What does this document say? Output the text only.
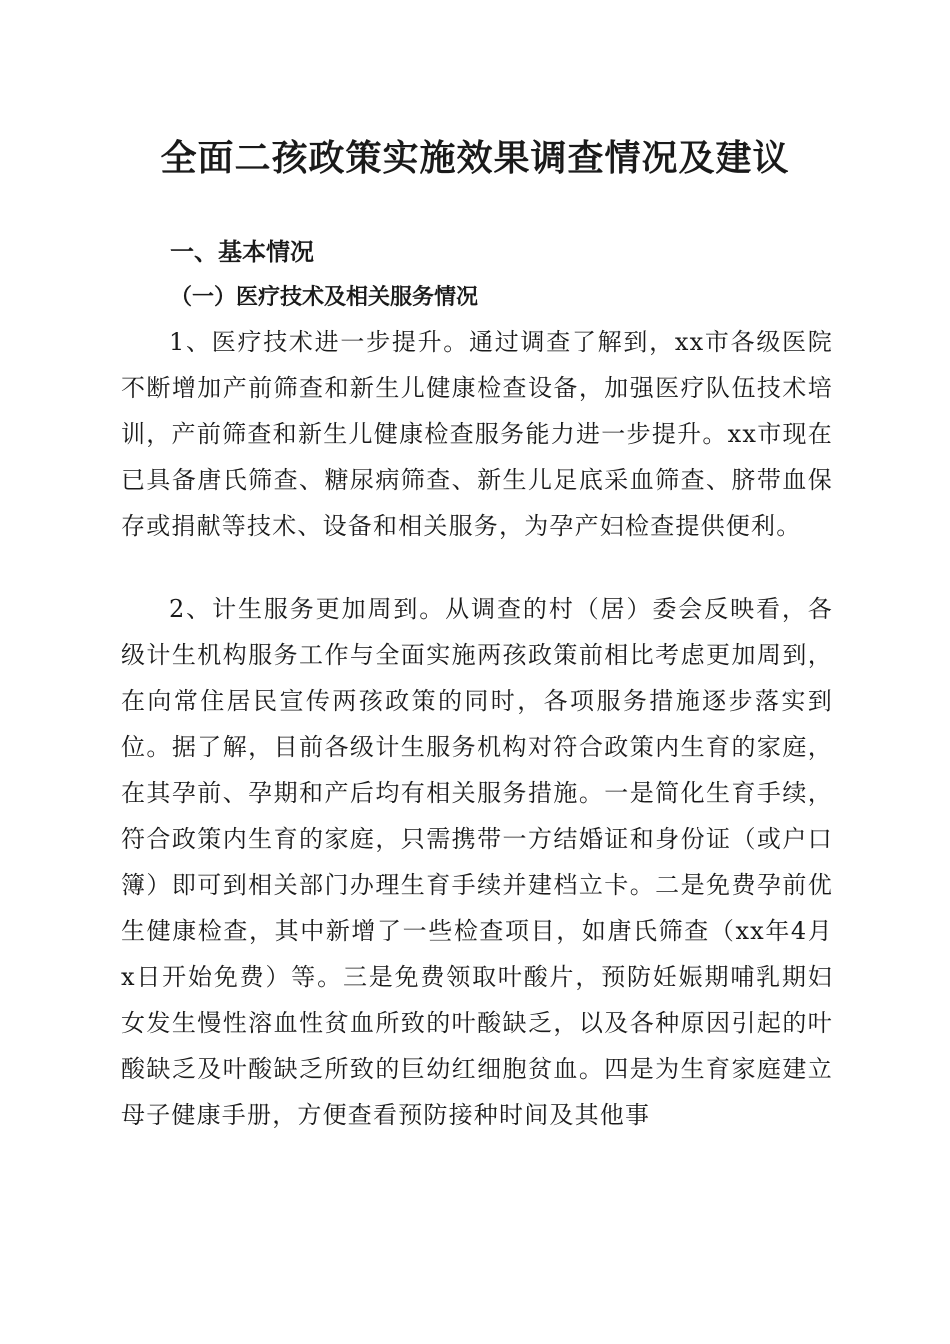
全面二孩政策实施效果调查情况及建议
一、基本情况
（一）医疗技术及相关服务情况

1、医疗技术进一步提升。通过调查了解到，xx市各级医院不断增加产前筛查和新生儿健康检查设备，加强医疗队伍技术培训，产前筛查和新生儿健康检查服务能力进一步提升。xx市现在已具备唐氏筛查、糖尿病筛查、新生儿足底采血筛查、脐带血保存或捐献等技术、设备和相关服务，为孕产妇检查提供便利。

2、计生服务更加周到。从调查的村（居）委会反映看，各级计生机构服务工作与全面实施两孩政策前相比考虑更加周到，在向常住居民宣传两孩政策的同时，各项服务措施逐步落实到位。据了解，目前各级计生服务机构对符合政策内生育的家庭，在其孕前、孕期和产后均有相关服务措施。一是简化生育手续，符合政策内生育的家庭，只需携带一方结婚证和身份证（或户口簿）即可到相关部门办理生育手续并建档立卡。二是免费孕前优生健康检查，其中新增了一些检查项目，如唐氏筛查（xx年4月x日开始免费）等。三是免费领取叶酸片，预防妊娠期哺乳期妇女发生慢性溶血性贫血所致的叶酸缺乏，以及各种原因引起的叶酸缺乏及叶酸缺乏所致的巨幼红细胞贫血。四是为生育家庭建立母子健康手册，方便查看预防接种时间及其他事
